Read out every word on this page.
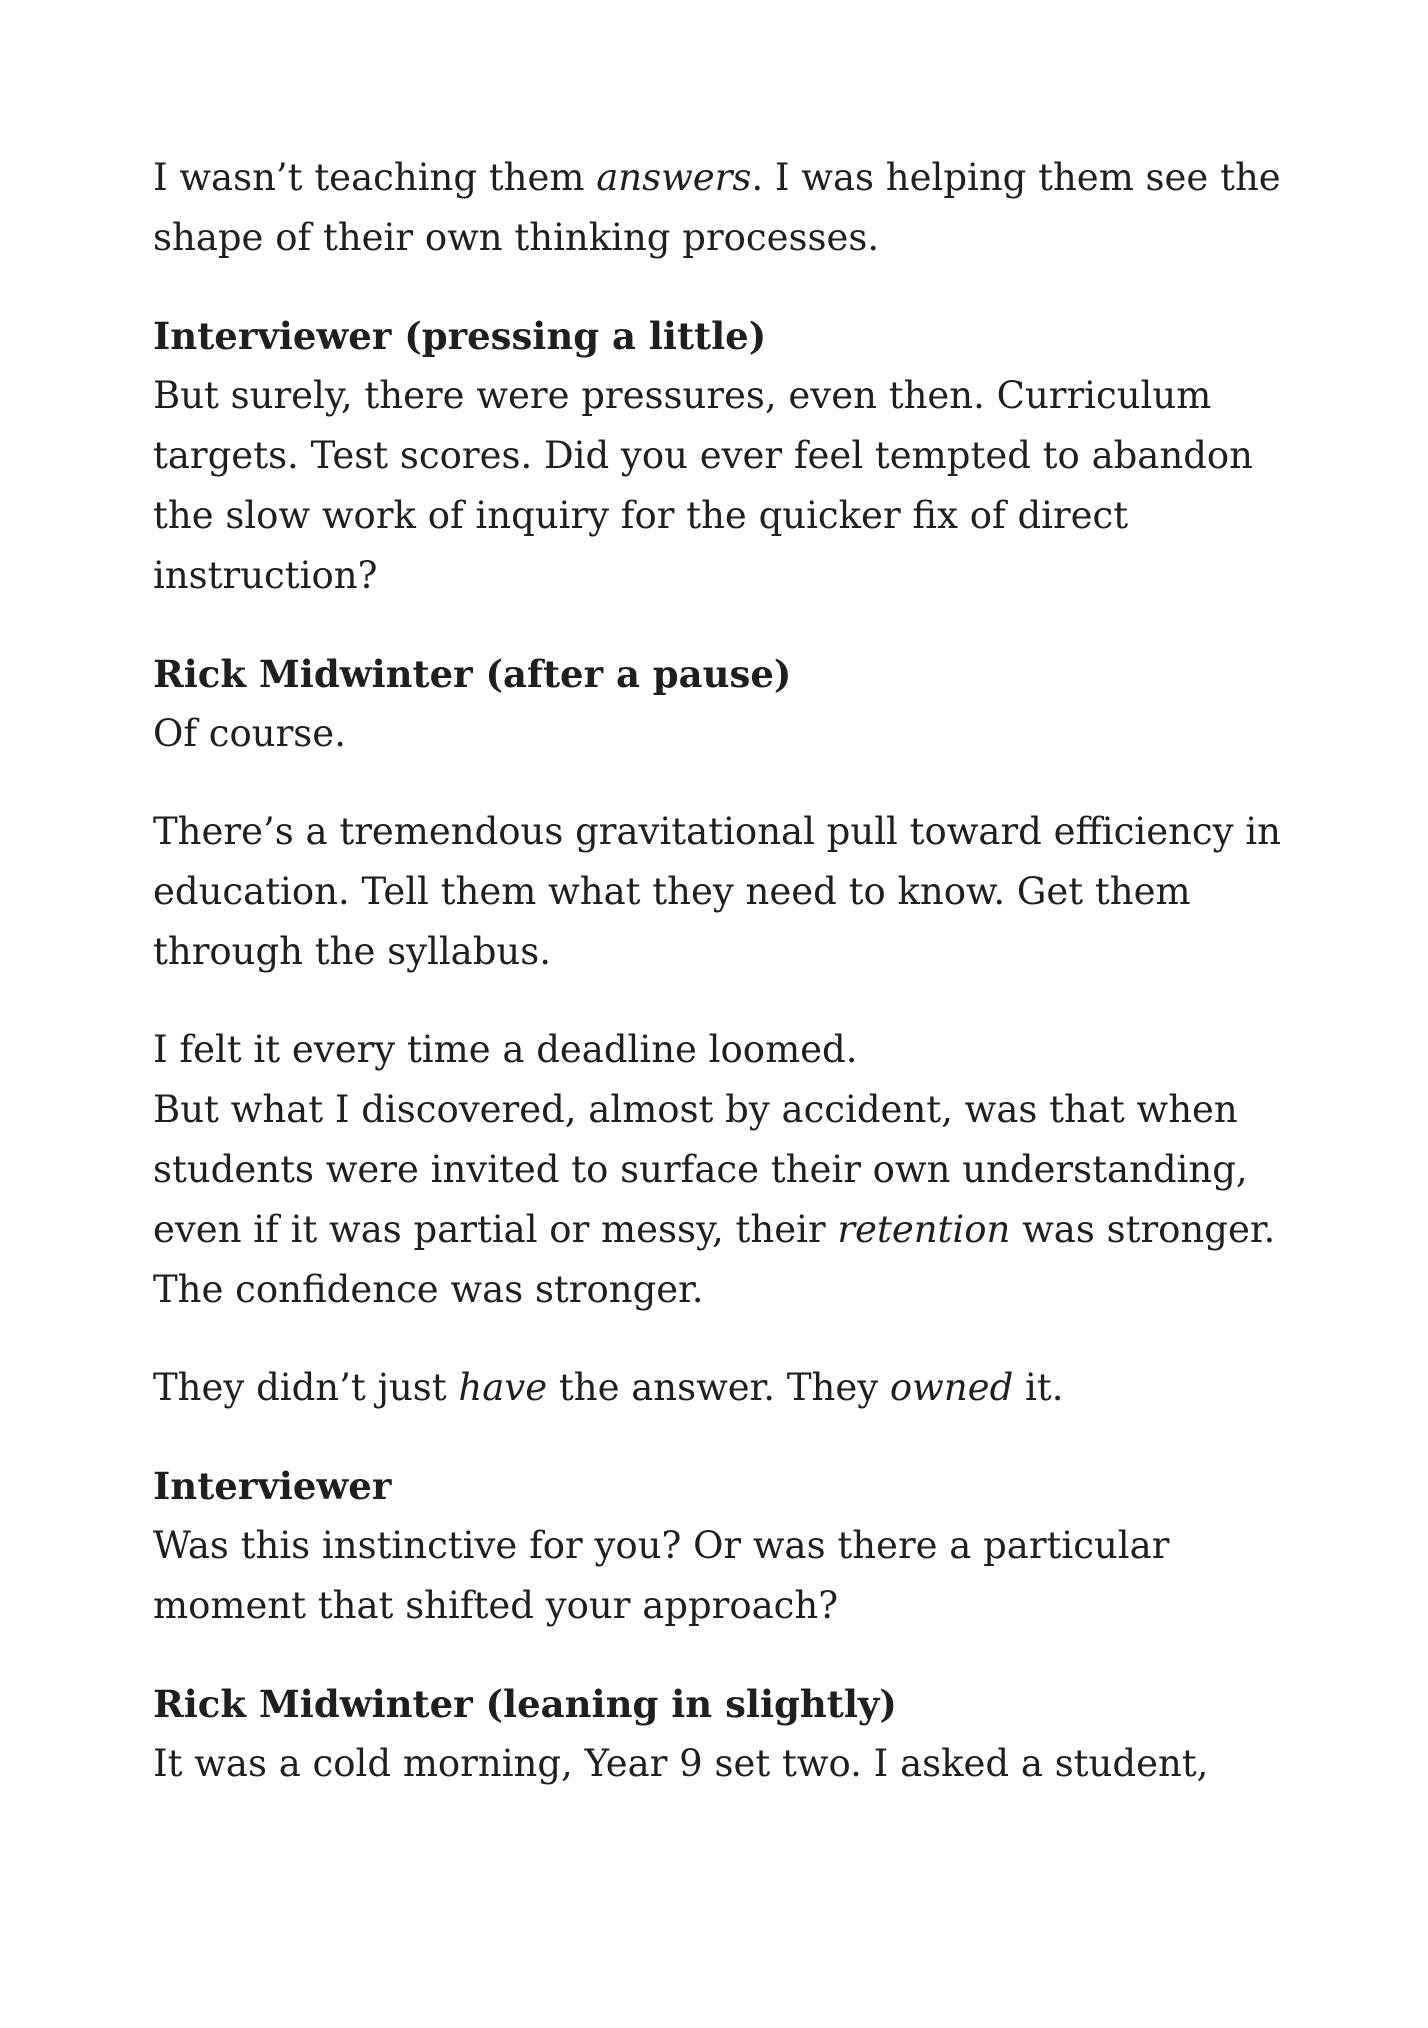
I wasn’t teaching them answers. I was helping them see the
shape of their own thinking processes.
Interviewer (pressing a little)
But surely, there were pressures, even then. Curriculum
targets. Test scores. Did you ever feel tempted to abandon
the slow work of inquiry for the quicker fix of direct
instruction?
Rick Midwinter (after a pause)
Of course.
There’s a tremendous gravitational pull toward efficiency in
education. Tell them what they need to know. Get them
through the syllabus.
I felt it every time a deadline loomed.
But what I discovered, almost by accident, was that when
students were invited to surface their own understanding,
even if it was partial or messy, their retention was stronger.
The confidence was stronger.
They didn’t just have the answer. They owned it.
Interviewer
Was this instinctive for you? Or was there a particular
moment that shifted your approach?
Rick Midwinter (leaning in slightly)
It was a cold morning, Year 9 set two. I asked a student,
